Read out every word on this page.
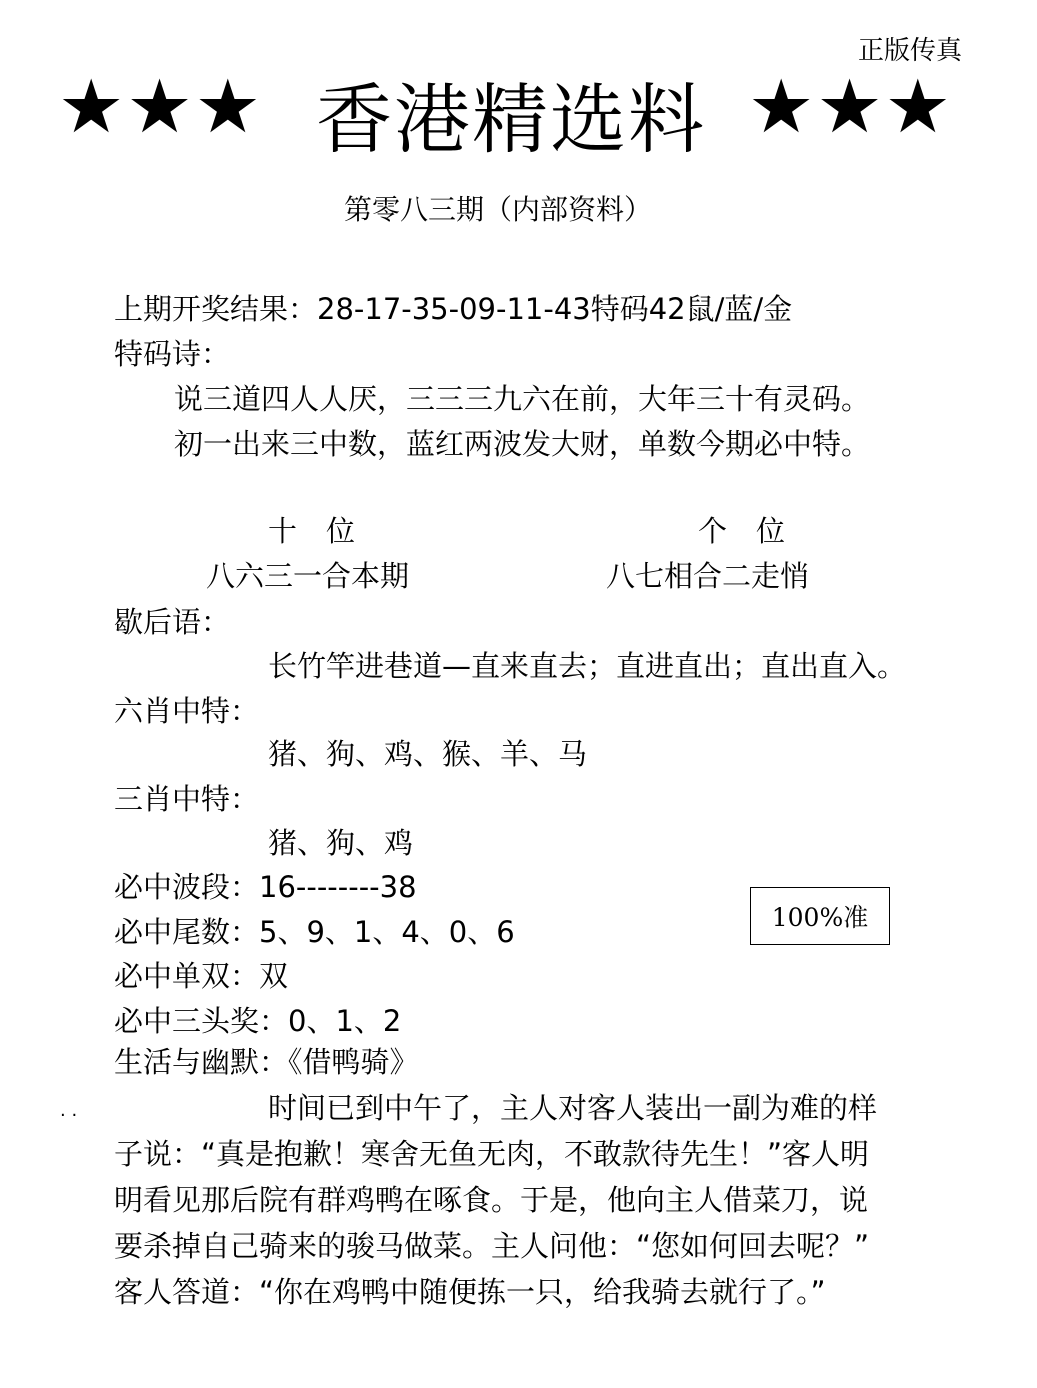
正版传真
★★★ 香港精选料 ★★★
第零八三期（内部资料）
上期开奖结果：28-17-35-09-11-43特码42鼠/蓝/金
特码诗：
说三道四人人厌，三三三九六在前，大年三十有灵码。
初一出来三中数，蓝红两波发大财，单数今期必中特。
十　位	个　位
八六三一合本期	八七相合二走悄
歇后语：
长竹竿进巷道—直来直去；直进直出；直出直入。
六肖中特：
猪、狗、鸡、猴、羊、马
三肖中特：
猪、狗、鸡
必中波段：16--------38
必中尾数：5、9、1、4、0、6
必中单双：双
必中三头奖：0、1、2
100%准
生活与幽默：《借鸭骑》
. .	时间已到中午了，主人对客人装出一副为难的样
子说：“真是抱歉！寒舍无鱼无肉，不敢款待先生！”客人明
明看见那后院有群鸡鸭在啄食。于是，他向主人借菜刀，说
要杀掉自己骑来的骏马做菜。主人问他：“您如何回去呢？”
客人答道：“你在鸡鸭中随便拣一只，给我骑去就行了。”
